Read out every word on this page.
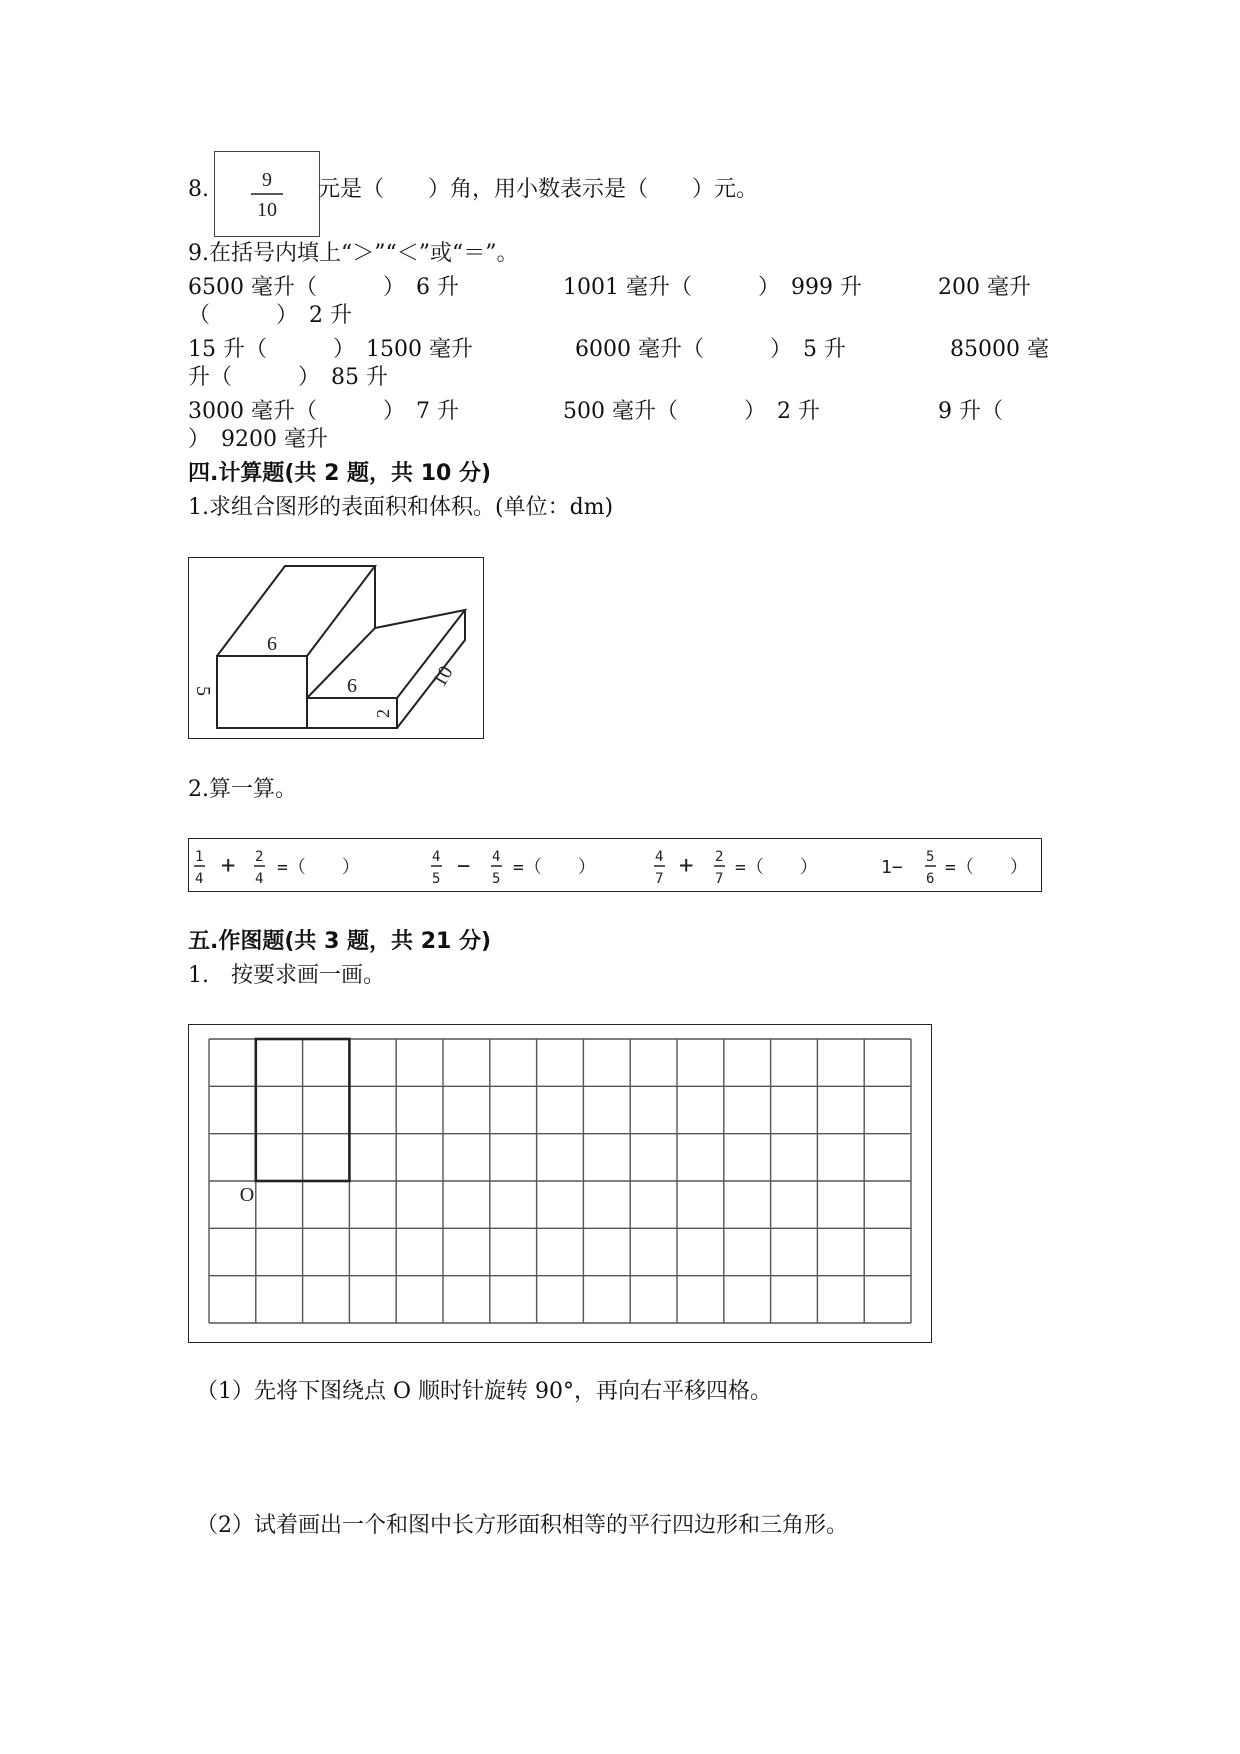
8.	9
10
元是（　　）角，用小数表示是（　　）元。
9.在括号内填上“＞”“＜”或“＝”。
6500 毫升（　　　）　6 升	1001 毫升（　　　）　999 升	200 毫升
（　　　）　2 升
15 升（　　　）　1500 毫升	6000 毫升（　　　）　5 升	85000 毫
升（　　　）　85 升
3000 毫升（　　　）　7 升	500 毫升（　　　）　2 升	9 升（
）　9200 毫升
四.计算题(共 2 题，共 10 分)
1.求组合图形的表面积和体积。(单位：dm)
6
5	6
2
10
2.算一算。
1
4 + 2
4
=（　　）	4
5 − 4
5
=（　　）	4
7 + 2
7
=（　　）	1− 5
6
=（　　）
五.作图题(共 3 题，共 21 分)
1.　按要求画一画。
O
（1）先将下图绕点 O 顺时针旋转 90°，再向右平移四格。
（2）试着画出一个和图中长方形面积相等的平行四边形和三角形。
